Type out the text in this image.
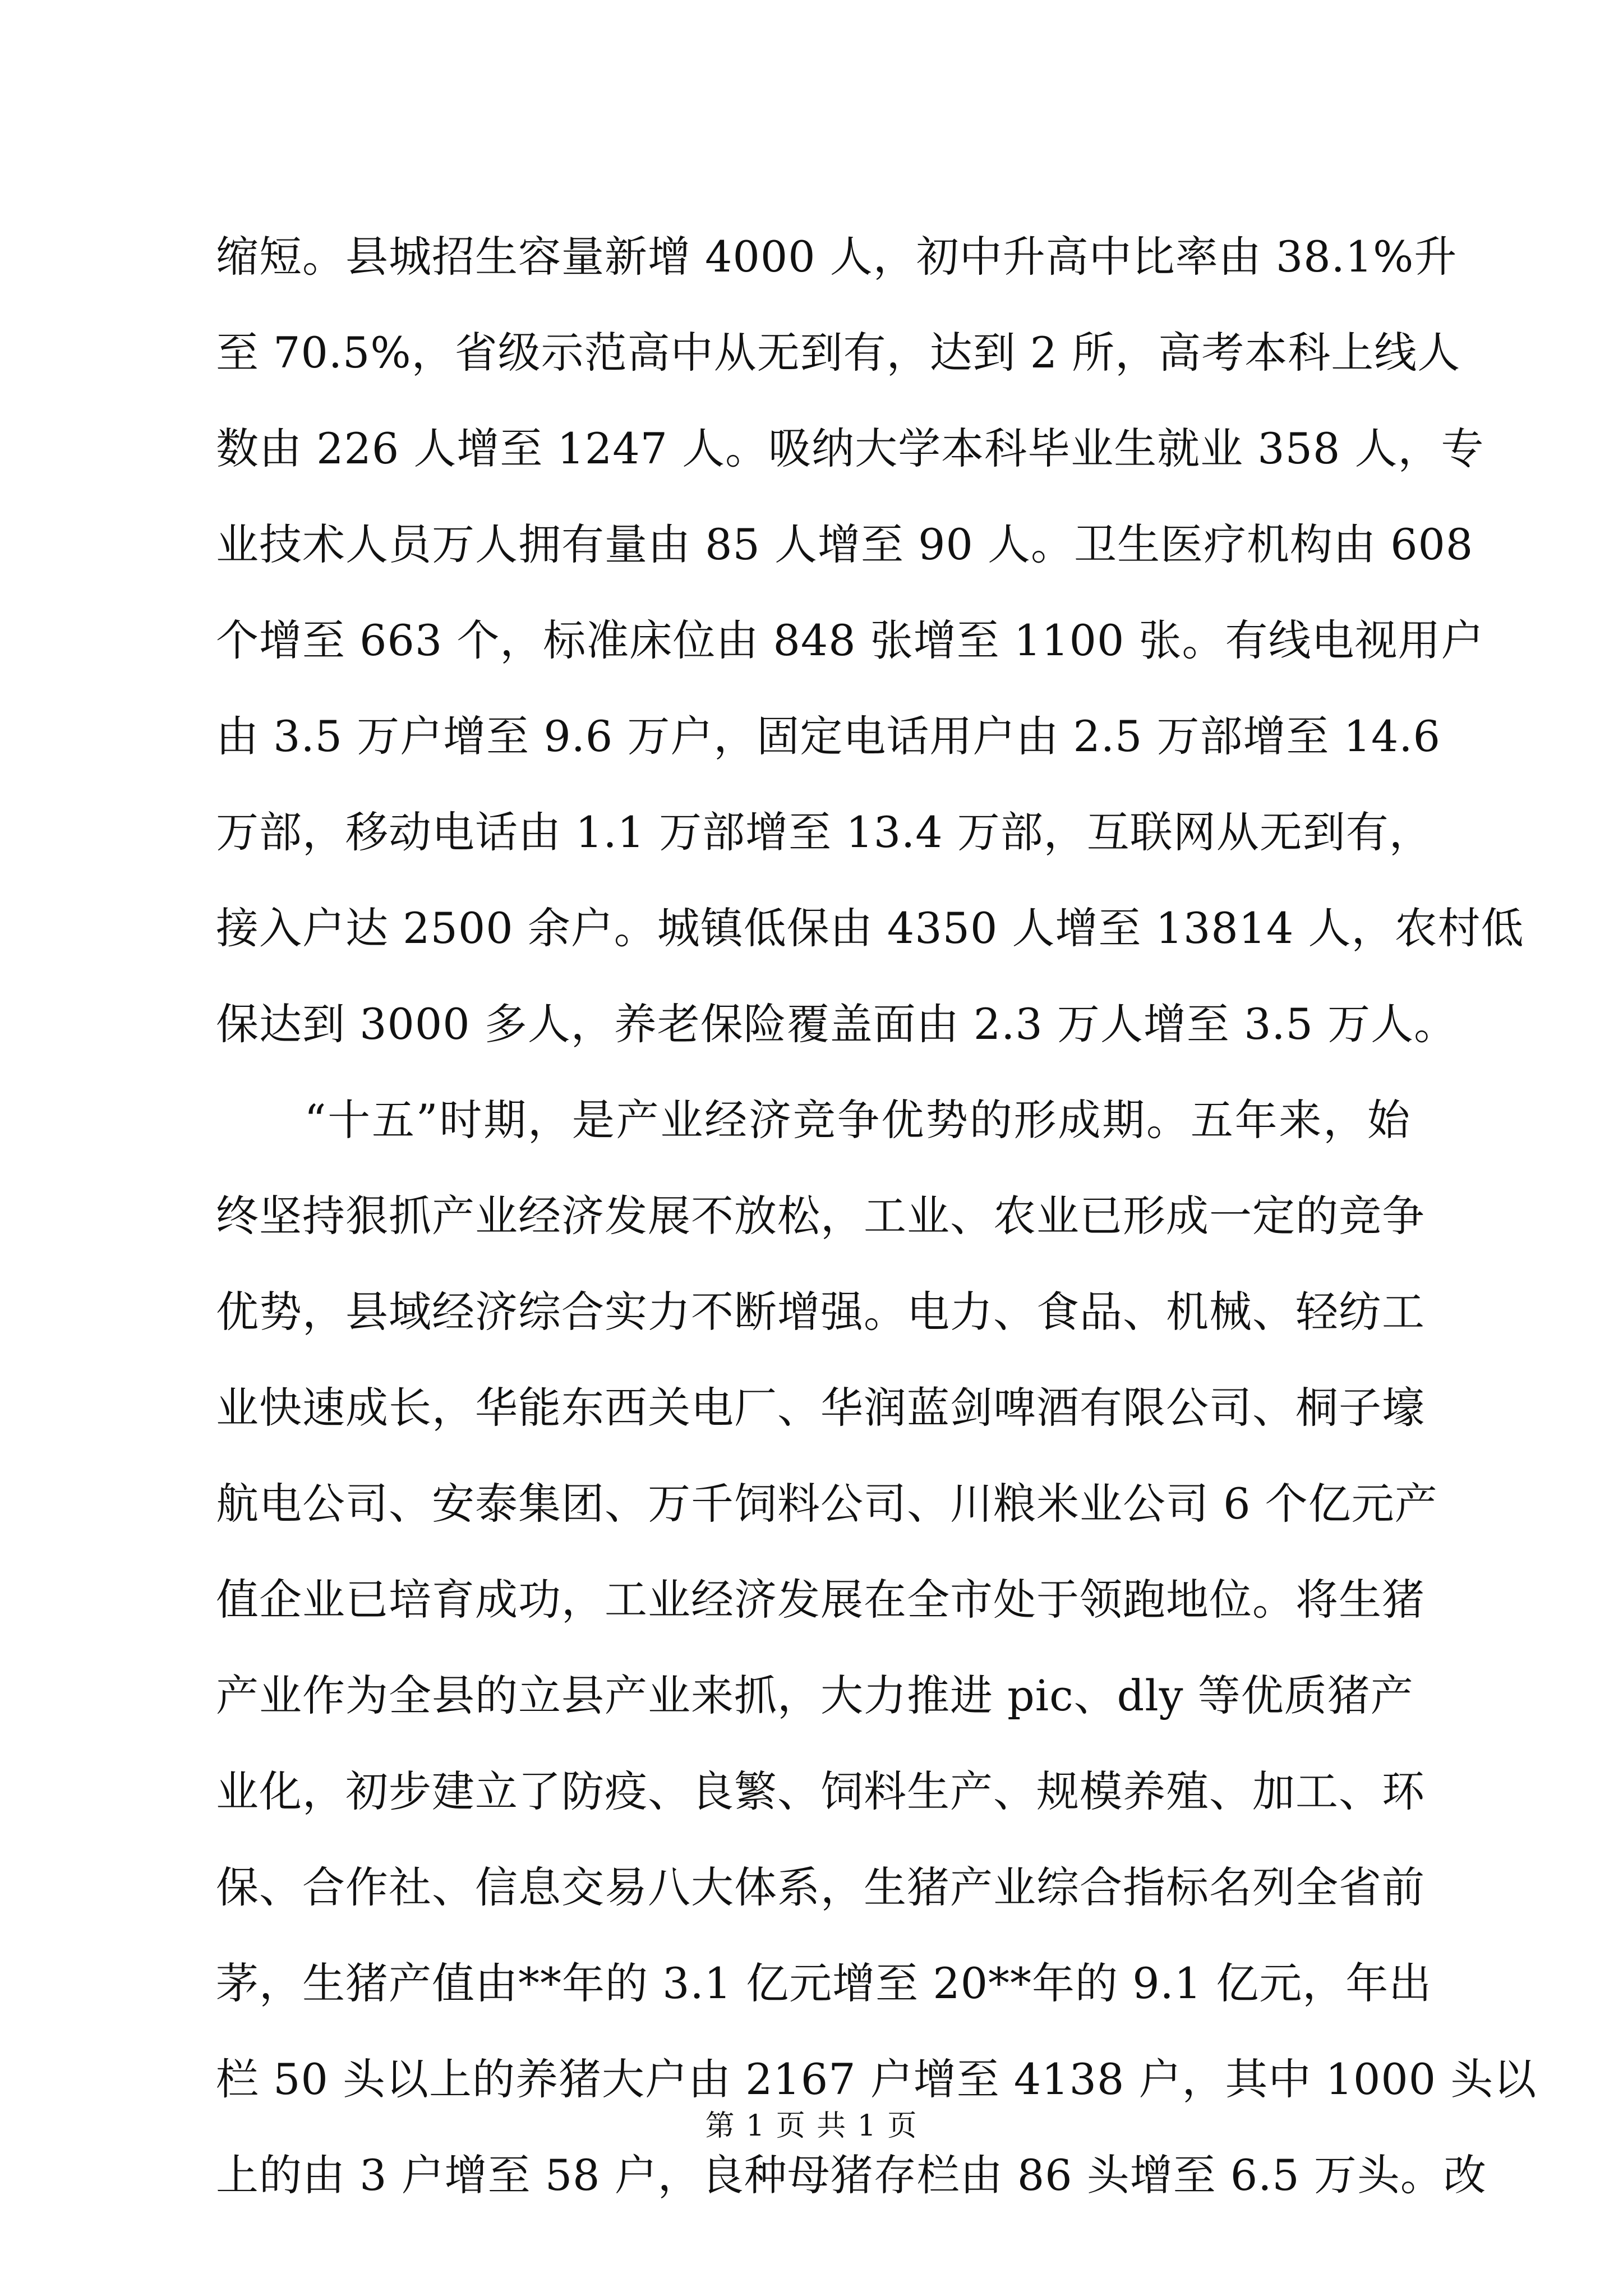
缩短。县城招生容量新增 4000 人，初中升高中比率由 38.1%升
至 70.5%，省级示范高中从无到有，达到 2 所，高考本科上线人
数由 226 人增至 1247 人。吸纳大学本科毕业生就业 358 人，专
业技术人员万人拥有量由 85 人增至 90 人。卫生医疗机构由 608
个增至 663 个，标准床位由 848 张增至 1100 张。有线电视用户
由 3.5 万户增至 9.6 万户，固定电话用户由 2.5 万部增至 14.6
万部，移动电话由 1.1 万部增至 13.4 万部，互联网从无到有，
接入户达 2500 余户。城镇低保由 4350 人增至 13814 人，农村低
保达到 3000 多人，养老保险覆盖面由 2.3 万人增至 3.5 万人。
　　“十五”时期，是产业经济竞争优势的形成期。五年来，始
终坚持狠抓产业经济发展不放松，工业、农业已形成一定的竞争
优势，县域经济综合实力不断增强。电力、食品、机械、轻纺工
业快速成长，华能东西关电厂、华润蓝剑啤酒有限公司、桐子壕
航电公司、安泰集团、万千饲料公司、川粮米业公司 6 个亿元产
值企业已培育成功，工业经济发展在全市处于领跑地位。将生猪
产业作为全县的立县产业来抓，大力推进 pic、dly 等优质猪产
业化，初步建立了防疫、良繁、饲料生产、规模养殖、加工、环
保、合作社、信息交易八大体系，生猪产业综合指标名列全省前
茅，生猪产值由**年的 3.1 亿元增至 20**年的 9.1 亿元，年出
栏 50 头以上的养猪大户由 2167 户增至 4138 户，其中 1000 头以
上的由 3 户增至 58 户，良种母猪存栏由 86 头增至 6.5 万头。改
第 1 页 共 1 页
